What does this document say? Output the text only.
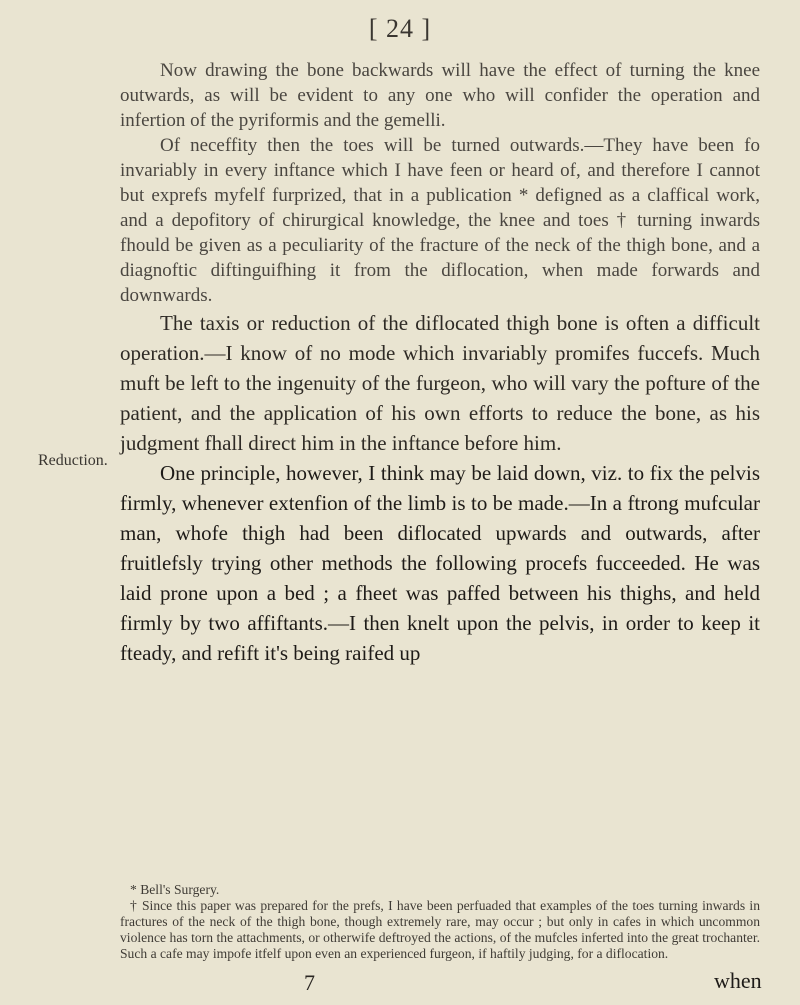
[ 24 ]
Reduction.

Now drawing the bone backwards will have the effect of turning the knee outwards, as will be evident to any one who will confider the operation and infertion of the pyriformis and the gemelli.

Of neceffity then the toes will be turned outwards.—They have been fo invariably in every inftance which I have feen or heard of, and therefore I cannot but exprefs myfelf furprized, that in a publication * defigned as a claffical work, and a depofitory of chirurgical knowledge, the knee and toes † turning inwards fhould be given as a peculiarity of the fracture of the neck of the thigh bone, and a diagnoftic diftinguifhing it from the diflocation, when made forwards and downwards.

The taxis or reduction of the diflocated thigh bone is often a difficult operation.—I know of no mode which invariably promifes fuccefs. Much muft be left to the ingenuity of the furgeon, who will vary the pofture of the patient, and the application of his own efforts to reduce the bone, as his judgment fhall direct him in the inftance before him.

One principle, however, I think may be laid down, viz. to fix the pelvis firmly, whenever extenfion of the limb is to be made.—In a ftrong mufcular man, whofe thigh had been diflocated upwards and outwards, after fruitlefsly trying other methods the following procefs fucceeded. He was laid prone upon a bed ; a fheet was paffed between his thighs, and held firmly by two affiftants.—I then knelt upon the pelvis, in order to keep it fteady, and refift it's being raifed up

* Bell's Surgery.

† Since this paper was prepared for the prefs, I have been perfuaded that examples of the toes turning inwards in fractures of the neck of the thigh bone, though extremely rare, may occur ; but only in cafes in which uncommon violence has torn the attachments, or otherwife deftroyed the actions, of the mufcles inferted into the great trochanter. Such a cafe may impofe itfelf upon even an experienced furgeon, if haftily judging, for a diflocation.

7	when
